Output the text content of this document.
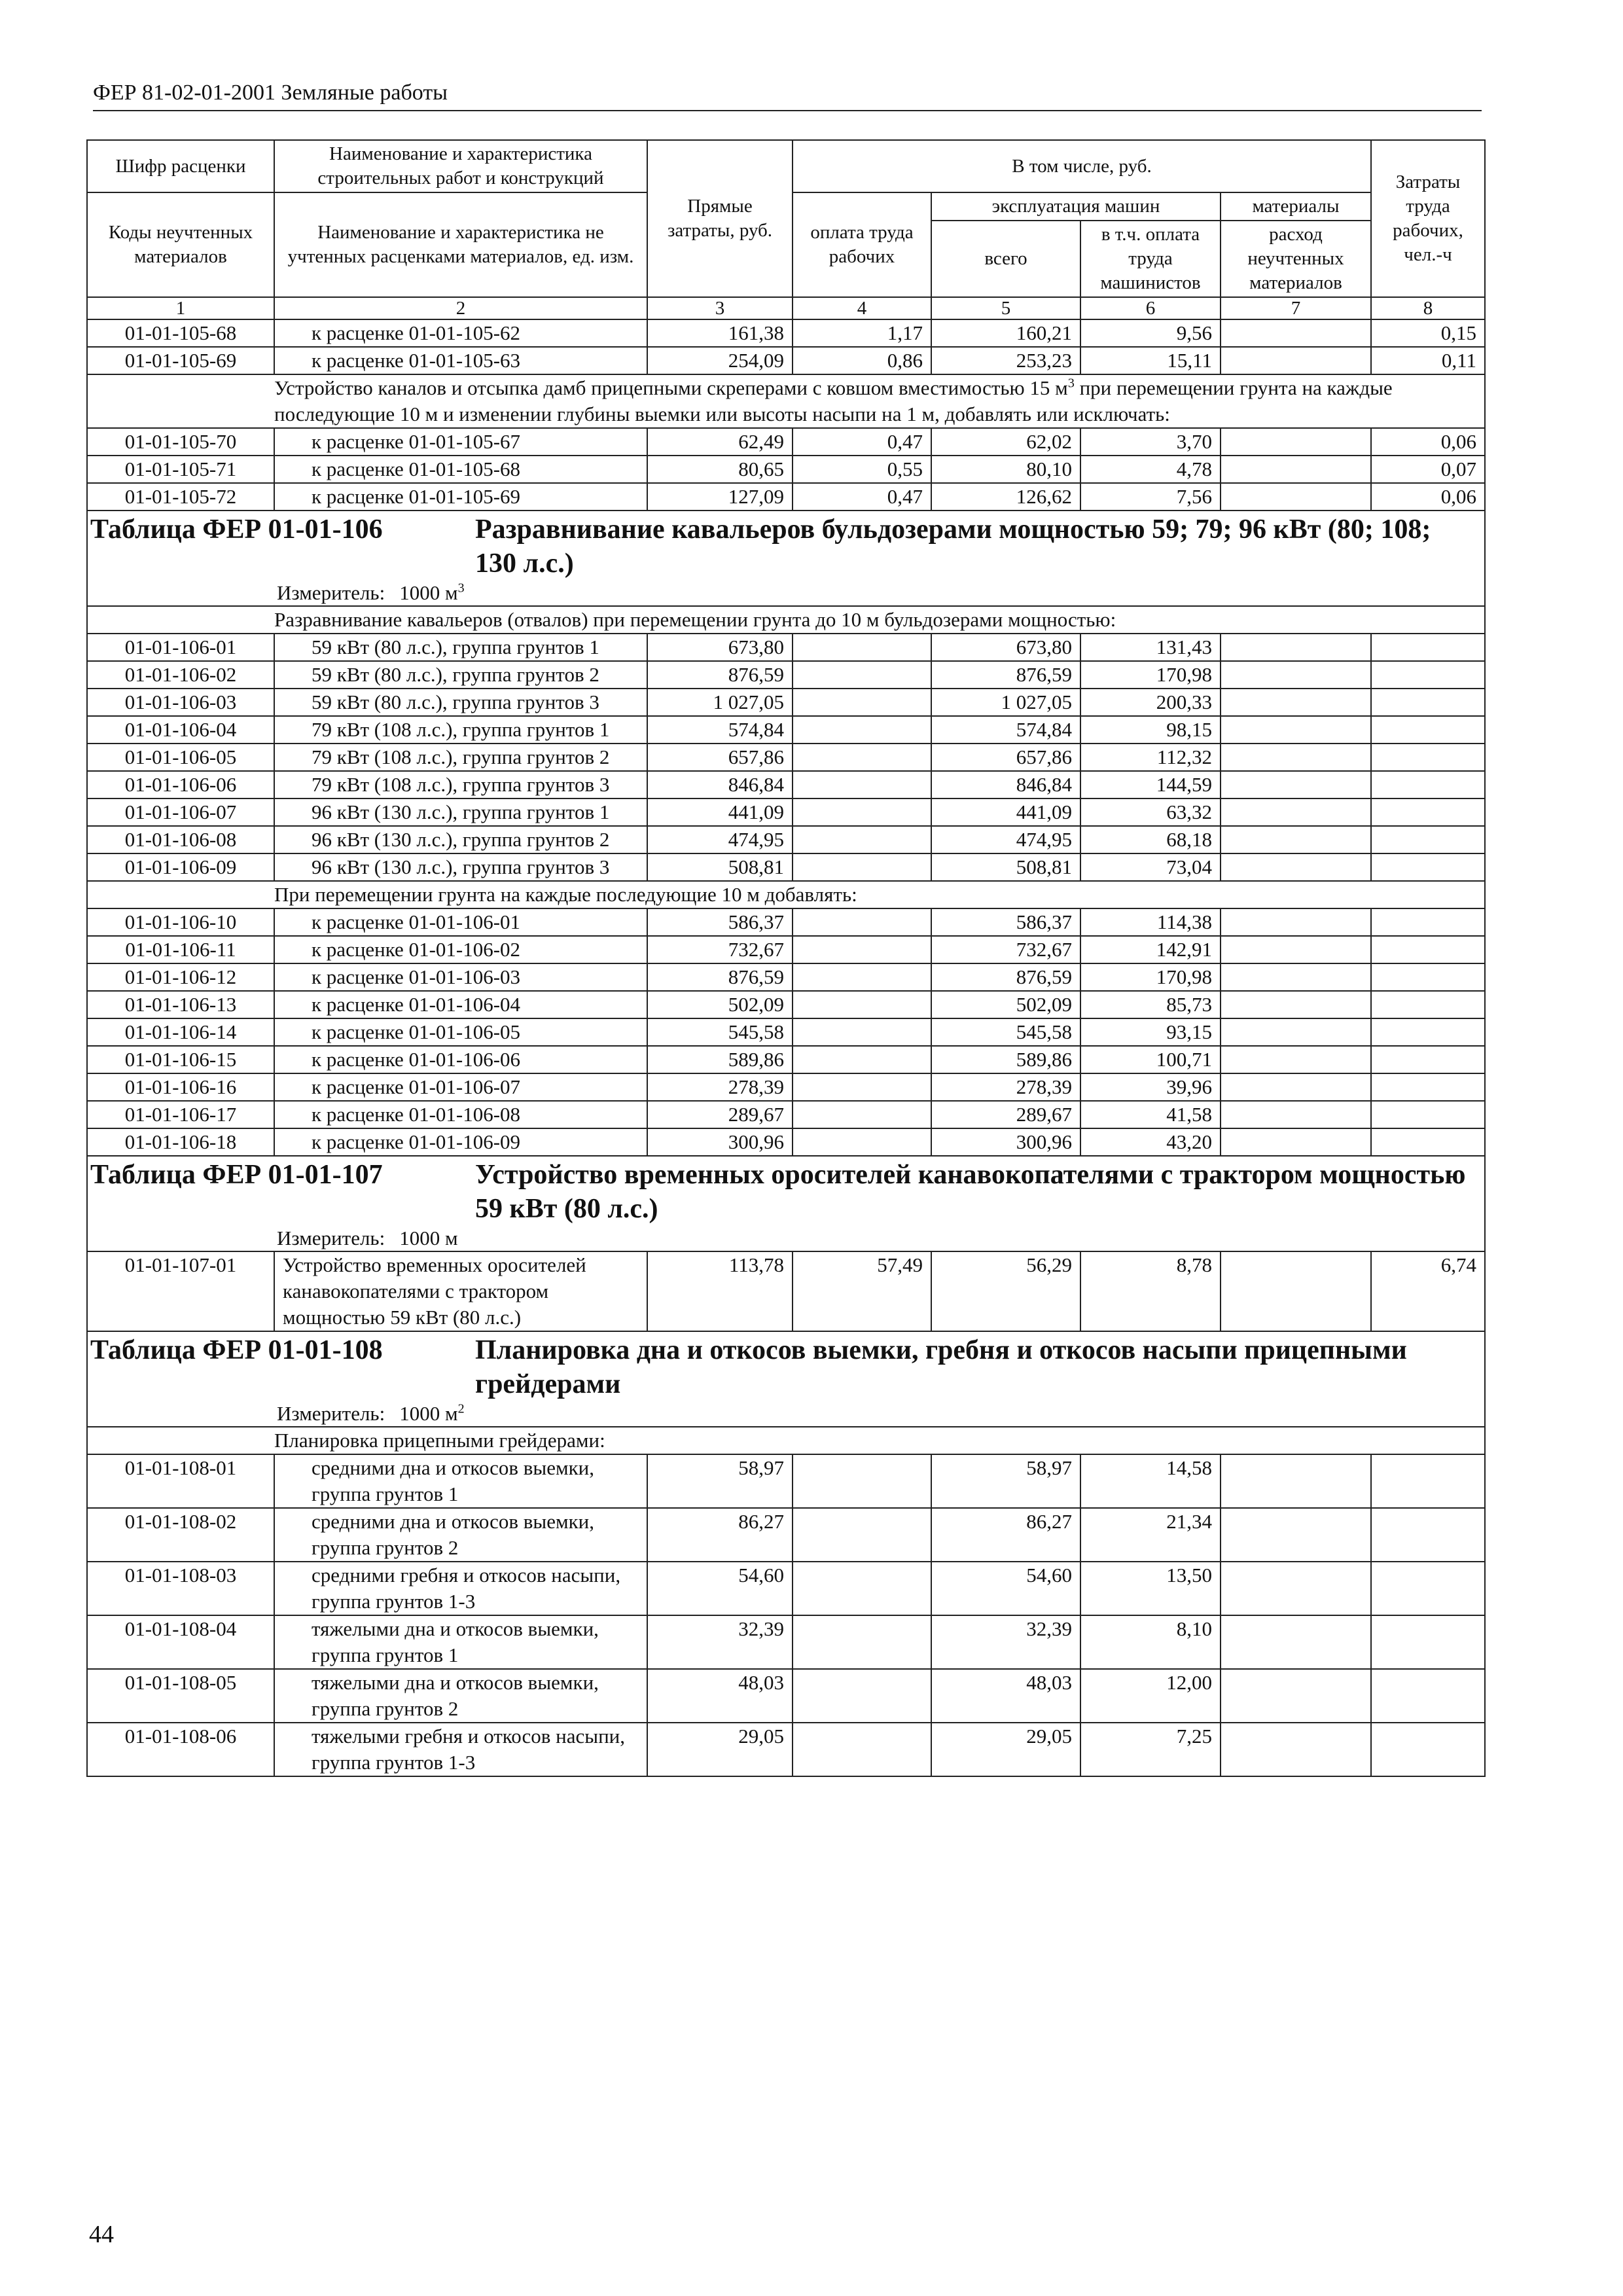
ФЕР 81-02-01-2001 Земляные работы
Шифр расценки	Наименование и характеристика строительных работ и конструкций	Прямые затраты, руб.	В том числе, руб.				Затраты труда рабочих, чел.-ч
Коды неучтенных материалов	Наименование и характеристика не учтенных расценками материалов, ед. изм.		оплата труда рабочих	эксплуатация машин		материалы	
				всего	в т.ч. оплата труда машинистов	расход неучтенных материалов	
1	2	3	4	5	6	7	8
01-01-105-68	к расценке 01-01-105-62	161,38	1,17	160,21	9,56		0,15
01-01-105-69	к расценке 01-01-105-63	254,09	0,86	253,23	15,11		0,11
Устройство каналов и отсыпка дамб прицепными скреперами с ковшом вместимостью 15 $м^3$ при перемещении грунта на каждые последующие 10 м и изменении глубины выемки или высоты насыпи на 1 м, добавлять или исключать:							
01-01-105-70	к расценке 01-01-105-67	62,49	0,47	62,02	3,70		0,06
01-01-105-71	к расценке 01-01-105-68	80,65	0,55	80,10	4,78		0,07
01-01-105-72	к расценке 01-01-105-69	127,09	0,47	126,62	7,56		0,06

Таблица ФЕР 01-01-106 Разравнивание кавальеров бульдозерами мощностью 59; 79; 96 кВт (80; 108; 130 л.с.)
Измеритель: 1000 $м^3$

Разравнивание кавальеров (отвалов) при перемещении грунта до 10 м бульдозерами мощностью:							
01-01-106-01	59 кВт (80 л.с.), группа грунтов 1	673,80		673,80	131,43		
01-01-106-02	59 кВт (80 л.с.), группа грунтов 2	876,59		876,59	170,98		
01-01-106-03	59 кВт (80 л.с.), группа грунтов 3	1 027,05		1 027,05	200,33		
01-01-106-04	79 кВт (108 л.с.), группа грунтов 1	574,84		574,84	98,15		
01-01-106-05	79 кВт (108 л.с.), группа грунтов 2	657,86		657,86	112,32		
01-01-106-06	79 кВт (108 л.с.), группа грунтов 3	846,84		846,84	144,59		
01-01-106-07	96 кВт (130 л.с.), группа грунтов 1	441,09		441,09	63,32		
01-01-106-08	96 кВт (130 л.с.), группа грунтов 2	474,95		474,95	68,18		
01-01-106-09	96 кВт (130 л.с.), группа грунтов 3	508,81		508,81	73,04		
При перемещении грунта на каждые последующие 10 м добавлять:							
01-01-106-10	к расценке 01-01-106-01	586,37		586,37	114,38		
01-01-106-11	к расценке 01-01-106-02	732,67		732,67	142,91		
01-01-106-12	к расценке 01-01-106-03	876,59		876,59	170,98		
01-01-106-13	к расценке 01-01-106-04	502,09		502,09	85,73		
01-01-106-14	к расценке 01-01-106-05	545,58		545,58	93,15		
01-01-106-15	к расценке 01-01-106-06	589,86		589,86	100,71		
01-01-106-16	к расценке 01-01-106-07	278,39		278,39	39,96		
01-01-106-17	к расценке 01-01-106-08	289,67		289,67	41,58		
01-01-106-18	к расценке 01-01-106-09	300,96		300,96	43,20		

Таблица ФЕР 01-01-107 Устройство временных оросителей канавокопателями с трактором мощностью 59 кВт (80 л.с.)
Измеритель: 1000 м							

01-01-107-01	Устройство временных оросителей канавокопателями с трактором мощностью 59 кВт (80 л.с.)	113,78	57,49	56,29	8,78		6,74

Таблица ФЕР 01-01-108 Планировка дна и откосов выемки, гребня и откосов насыпи прицепными грейдерами
Измеритель: 1000 $м^2$

Планировка прицепными грейдерами:							
01-01-108-01	средними дна и откосов выемки, группа грунтов 1	58,97		58,97	14,58		
01-01-108-02	средними дна и откосов выемки, группа грунтов 2	86,27		86,27	21,34		
01-01-108-03	средними гребня и откосов насыпи, группа грунтов 1-3	54,60		54,60	13,50		
01-01-108-04	тяжелыми дна и откосов выемки, группа грунтов 1	32,39		32,39	8,10		
01-01-108-05	тяжелыми дна и откосов выемки, группа грунтов 2	48,03		48,03	12,00		
01-01-108-06	тяжелыми гребня и откосов насыпи, группа грунтов 1-3	29,05		29,05	7,25		
44
